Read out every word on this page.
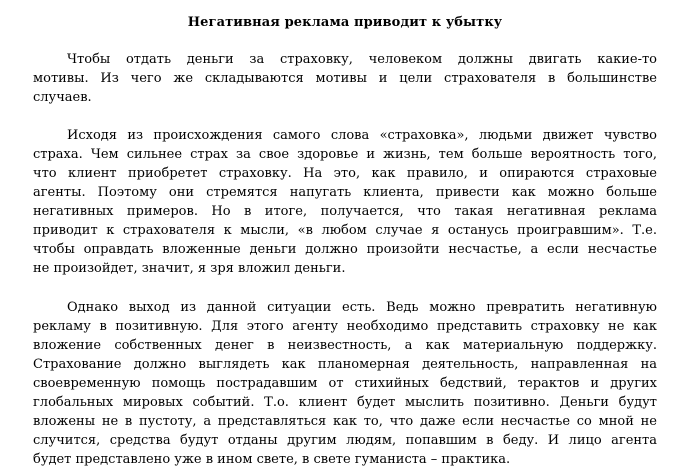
Негативная реклама приводит к убытку
Чтобы отдать деньги за страховку, человеком должны двигать какие-то
мотивы. Из чего же складываются мотивы и цели страхователя в большинстве
случаев.
Исходя из происхождения самого слова «страховка», людьми движет чувство
страха. Чем сильнее страх за свое здоровье и жизнь, тем больше вероятность того,
что клиент приобретет страховку. На это, как правило, и опираются страховые
агенты. Поэтому они стремятся напугать клиента, привести как можно больше
негативных примеров. Но в итоге, получается, что такая негативная реклама
приводит к страхователя к мысли, «в любом случае я останусь проигравшим». Т.е.
чтобы оправдать вложенные деньги должно произойти несчастье, а если несчастье
не произойдет, значит, я зря вложил деньги.
Однако выход из данной ситуации есть. Ведь можно превратить негативную
рекламу в позитивную. Для этого агенту необходимо представить страховку не как
вложение собственных денег в неизвестность, а как материальную поддержку.
Страхование должно выглядеть как планомерная деятельность, направленная на
своевременную помощь пострадавшим от стихийных бедствий, терактов и других
глобальных мировых событий. Т.о. клиент будет мыслить позитивно. Деньги будут
вложены не в пустоту, а представляться как то, что даже если несчастье со мной не
случится, средства будут отданы другим людям, попавшим в беду. И лицо агента
будет представлено уже в ином свете, в свете гуманиста – практика.
